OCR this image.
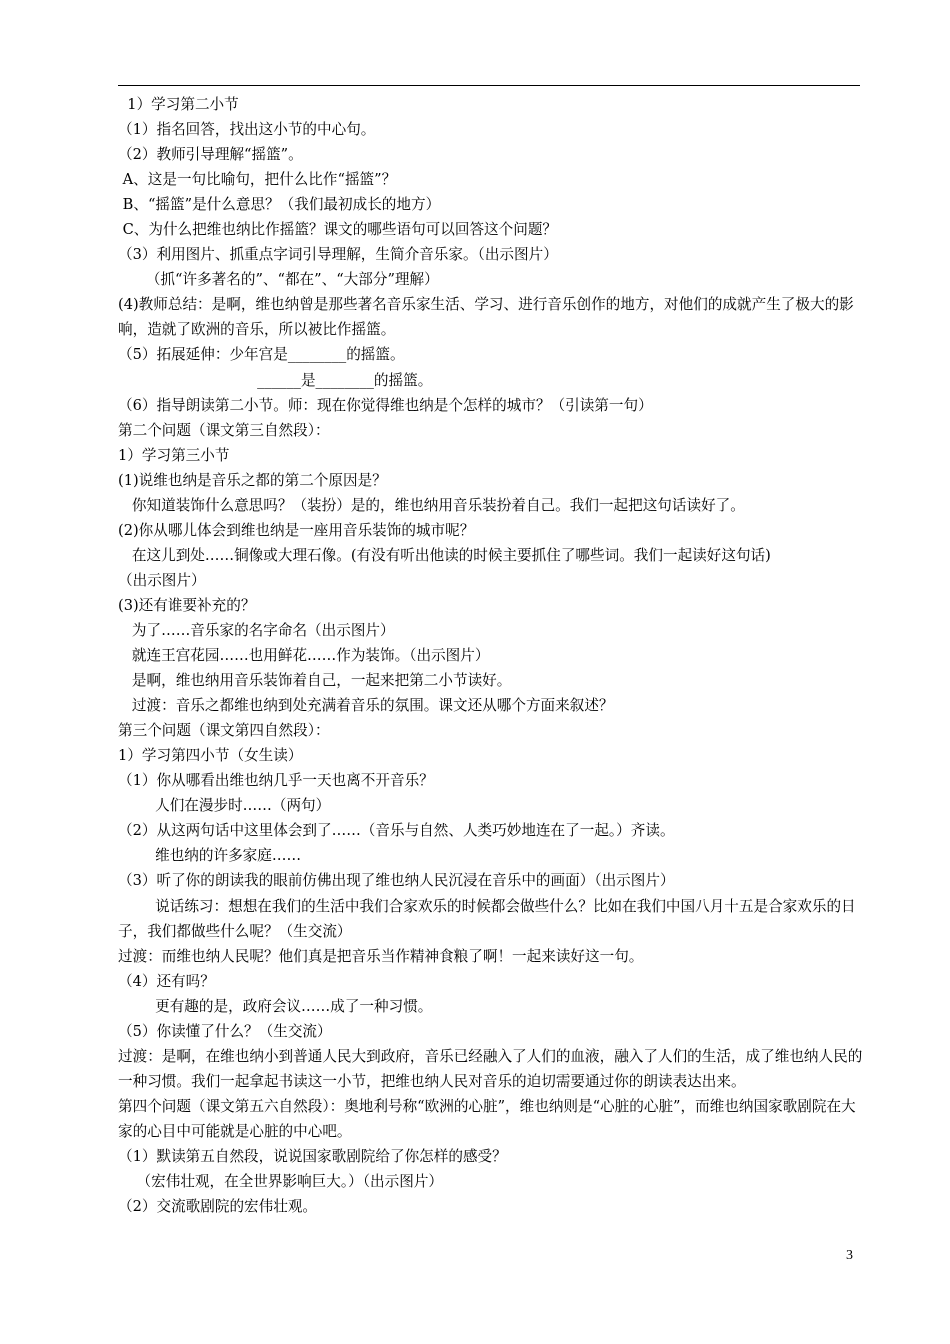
1）学习第二小节
（1）指名回答，找出这小节的中心句。
（2）教师引导理解“摇篮”。
A、这是一句比喻句，把什么比作“摇篮”？
B、“摇篮”是什么意思？（我们最初成长的地方）
C、为什么把维也纳比作摇篮？课文的哪些语句可以回答这个问题？
（3）利用图片、抓重点字词引导理解，生简介音乐家。（出示图片）
（抓“许多著名的”、“都在”、“大部分”理解）
(4)教师总结：是啊，维也纳曾是那些著名音乐家生活、学习、进行音乐创作的地方，对他们的成就产生了极大的影响，造就了欧洲的音乐，所以被比作摇篮。
（5）拓展延伸：少年宫是________的摇篮。
______是________的摇篮。
（6）指导朗读第二小节。师：现在你觉得维也纳是个怎样的城市？（引读第一句）
第二个问题（课文第三自然段）：
1）学习第三小节
(1)说维也纳是音乐之都的第二个原因是？
你知道装饰什么意思吗？（装扮）是的，维也纳用音乐装扮着自己。我们一起把这句话读好了。
(2)你从哪儿体会到维也纳是一座用音乐装饰的城市呢？
在这儿到处……铜像或大理石像。(有没有听出他读的时候主要抓住了哪些词。我们一起读好这句话)
（出示图片）
(3)还有谁要补充的？
为了……音乐家的名字命名（出示图片）
就连王宫花园……也用鲜花……作为装饰。（出示图片）
是啊，维也纳用音乐装饰着自己，一起来把第二小节读好。
过渡：音乐之都维也纳到处充满着音乐的氛围。课文还从哪个方面来叙述？
第三个问题（课文第四自然段）：
1）学习第四小节（女生读）
（1）你从哪看出维也纳几乎一天也离不开音乐？
人们在漫步时……（两句）
（2）从这两句话中这里体会到了……（音乐与自然、人类巧妙地连在了一起。）齐读。
维也纳的许多家庭……
（3）听了你的朗读我的眼前仿佛出现了维也纳人民沉浸在音乐中的画面）（出示图片）
说话练习：想想在我们的生活中我们合家欢乐的时候都会做些什么？比如在我们中国八月十五是合家欢乐的日子，我们都做些什么呢？（生交流）
过渡：而维也纳人民呢？他们真是把音乐当作精神食粮了啊！一起来读好这一句。
（4）还有吗？
更有趣的是，政府会议……成了一种习惯。
（5）你读懂了什么？（生交流）
过渡：是啊，在维也纳小到普通人民大到政府，音乐已经融入了人们的血液，融入了人们的生活，成了维也纳人民的一种习惯。我们一起拿起书读这一小节，把维也纳人民对音乐的迫切需要通过你的朗读表达出来。
第四个问题（课文第五六自然段）：奥地利号称“欧洲的心脏”，维也纳则是“心脏的心脏”，而维也纳国家歌剧院在大家的心目中可能就是心脏的中心吧。
（1）默读第五自然段，说说国家歌剧院给了你怎样的感受？
（宏伟壮观，在全世界影响巨大。）（出示图片）
（2）交流歌剧院的宏伟壮观。
3
